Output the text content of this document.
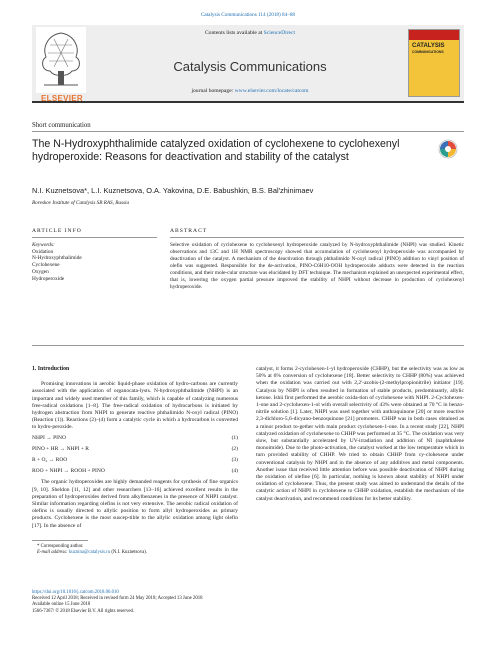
Catalysis Communications 114 (2018) 84–88
ELSEVIER
Contents lists available at ScienceDirect
Catalysis Communications
journal homepage: www.elsevier.com/locate/catcom
CATALYSIS
COMMUNICATIONS
Short communication
The N-Hydroxyphthalimide catalyzed oxidation of cyclohexene to cyclohexenyl hydroperoxide: Reasons for deactivation and stability of the catalyst
N.I. Kuznetsova*, L.I. Kuznetsova, O.A. Yakovina, D.E. Babushkin, B.S. Bal'zhinimaev
Boreskov Institute of Catalysis SB RAS, Russia
ARTICLE INFO	ABSTRACT
Keywords:
Oxidation
N-Hydroxyphthalimide
Cyclohexene
Oxygen
Hydroperoxide
Selective oxidation of cyclohexene to cyclohexenyl hydroperoxide catalyzed by N-hydroxyphthalimide (NHPI) was studied. Kinetic observations and 13C and 1H NMR spectroscopy showed that accumulation of cyclohexenyl hydroperoxide was accompanied by deactivation of the catalyst. A mechanism of the deactivation through phthalimido N-oxyl radical (PINO) addition to vinyl position of olefin was suggested. Responsible for the de-activation, PINO-C6H10-OOH hydroperoxide adducts were detected in the reaction conditions, and their mole-cular structure was elucidated by DFT technique. The mechanism explained an unexpected experimental effect, that is, lowering the oxygen partial pressure improved the stability of NHPI without decrease in production of cyclohexenyl hydroperoxide.

1. Introduction

Promising innovations in aerobic liquid-phase oxidation of hydro-carbons are currently associated with the application of organocata-lysts. N-hydroxyphthalimide (NHPI) is an important and widely used member of this family, which is capable of catalyzing numerous free-radical oxidations [1–8]. The free-radical oxidation of hydrocarbons is initiated by hydrogen abstraction from NHPI to generate reactive phthalimido N-oxyl radical (PINO) (Reaction (1)). Reactions (2)–(4) form a catalytic cycle in which a hydrocarbon is converted to hydro-peroxide.

NHPI → PINO	(1)

PINO + HR → NHPI + R	(2)

R + O₂ → ROO	(3)

ROO + NHPI → ROOH + PINO	(4)

The organic hydroperoxides are highly demanded reagents for synthesis of fine organics [9, 10]. Sheldon [11, 12] and other researchers [13–16] achieved excellent results in the preparation of hydroperoxides derived from alkylbenzenes in the presence of NHPI catalyst. Similar information regarding olefins is not very extensive. The aerobic radical oxidation of olefins is usually directed to allylic position to form allyl hydroperoxides as primary products. Cyclohexene is the most suscep-tible to the allylic oxidation among light olefin [17]. In the absence of

catalyst, it forms 2-cyclohexen-1-yl hydroperoxide (CHHP), but the selectivity was as low as 50% at 6% conversion of cyclohexene [18]. Better selectivity to CHHP (80%) was achieved when the oxidation was carried out with 2,2'-azobis-(2-methylpropionitrile) initiator [19]. Catalysis by NHPI is often resulted in formation of stable products, predominantly, allylic ketone. Ishii first performed the aerobic oxida-tion of cyclohexene with NHPI. 2-Cyclohexen-1-one and 2-cyclohexen-1-ol with overall selectivity of 43% were obtained at 70 °C in benzo-nitrile solution [1]. Later, NHPI was used together with anthraquinone [20] or more reactive 2,3-dichloro-5,6-dicyano-benzoquinone [21] promoters. CHHP was in both cases obtained as a minor product to-gether with main product cyclohexen-1-one. In a recent study [22], NHPI catalyzed oxidation of cyclohexene to CHHP was performed at 35 °C. The oxidation was very slow, but substantially accelerated by UV-irradiation and addition of NI (naphthalene monoimide). Due to the photo-activation, the catalyst worked at the low temperature which in turn provided stability of CHHP. We tried to obtain CHHP from cy-clohexene under conventional catalysis by NHPI and in the absence of any additives and metal components. Another issue that received little attention before was possible deactivation of NHPI during the oxidation of olefine [6]. In particular, nothing is known about stability of NHPI under oxidation of cyclohexene. Thus, the present study was aimed to understand the details of the catalytic action of NHPI in cyclohexene to CHHP oxidation, establish the mechanism of the catalyst deactivation, and recommend conditions for its better stability.

* Corresponding author.
E-mail address: kuznina@catalysis.ru (N.I. Kuznetsova).
https://doi.org/10.1016/j.catcom.2018.06.010
Received 12 April 2018; Received in revised form 24 May 2018; Accepted 13 June 2018
Available online 15 June 2018
1566-7367/ © 2018 Elsevier B.V. All rights reserved.
